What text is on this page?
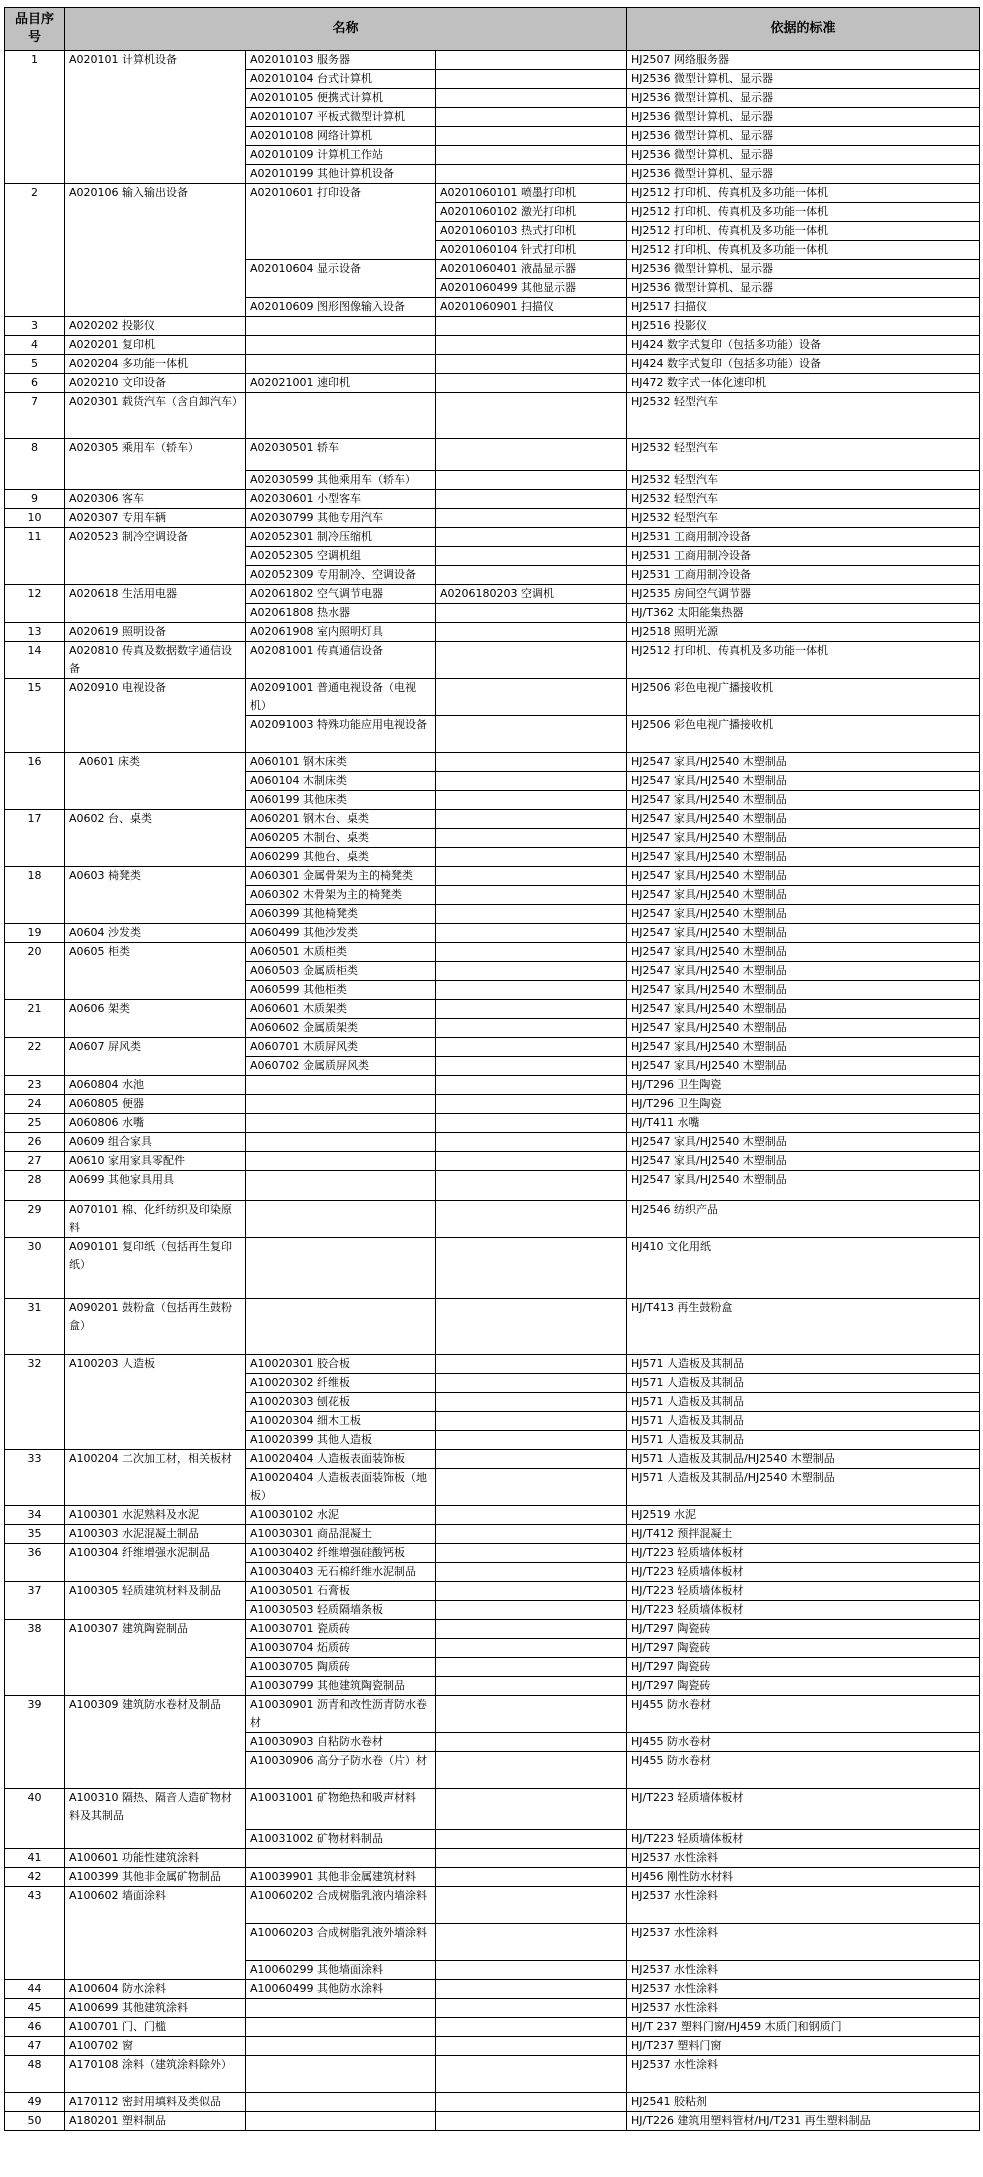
品目序号	名称			依据的标准
1	A020101 计算机设备	A02010103 服务器		HJ2507 网络服务器
		A02010104 台式计算机		HJ2536 微型计算机、显示器
		A02010105 便携式计算机		HJ2536 微型计算机、显示器
		A02010107 平板式微型计算机		HJ2536 微型计算机、显示器
		A02010108 网络计算机		HJ2536 微型计算机、显示器
		A02010109 计算机工作站		HJ2536 微型计算机、显示器
		A02010199 其他计算机设备		HJ2536 微型计算机、显示器
2	A020106 输入输出设备	A02010601 打印设备	A0201060101 喷墨打印机	HJ2512 打印机、传真机及多功能一体机
			A0201060102 激光打印机	HJ2512 打印机、传真机及多功能一体机
			A0201060103 热式打印机	HJ2512 打印机、传真机及多功能一体机
			A0201060104 针式打印机	HJ2512 打印机、传真机及多功能一体机
		A02010604 显示设备	A0201060401 液晶显示器	HJ2536 微型计算机、显示器
			A0201060499 其他显示器	HJ2536 微型计算机、显示器
		A02010609 图形图像输入设备	A0201060901 扫描仪	HJ2517 扫描仪
3	A020202 投影仪			HJ2516 投影仪
4	A020201 复印机			HJ424 数字式复印（包括多功能）设备
5	A020204 多功能一体机			HJ424 数字式复印（包括多功能）设备
6	A020210 文印设备	A02021001 速印机		HJ472 数字式一体化速印机
7	A020301 载货汽车（含自卸汽车）			HJ2532 轻型汽车
8	A020305 乘用车（轿车）	A02030501 轿车		HJ2532 轻型汽车
		A02030599 其他乘用车（轿车）		HJ2532 轻型汽车
9	A020306 客车	A02030601 小型客车		HJ2532 轻型汽车
10	A020307 专用车辆	A02030799 其他专用汽车		HJ2532 轻型汽车
11	A020523 制冷空调设备	A02052301 制冷压缩机		HJ2531 工商用制冷设备
		A02052305 空调机组		HJ2531 工商用制冷设备
		A02052309 专用制冷、空调设备		HJ2531 工商用制冷设备
12	A020618 生活用电器	A02061802 空气调节电器	A0206180203 空调机	HJ2535 房间空气调节器
		A02061808 热水器		HJ/T362 太阳能集热器
13	A020619 照明设备	A02061908 室内照明灯具		HJ2518 照明光源
14	A020810 传真及数据数字通信设备	A02081001 传真通信设备		HJ2512 打印机、传真机及多功能一体机
15	A020910 电视设备	A02091001 普通电视设备（电视机）		HJ2506 彩色电视广播接收机
		A02091003 特殊功能应用电视设备		HJ2506 彩色电视广播接收机
16	A0601 床类	A060101 钢木床类		HJ2547 家具/HJ2540 木塑制品
		A060104 木制床类		HJ2547 家具/HJ2540 木塑制品
		A060199 其他床类		HJ2547 家具/HJ2540 木塑制品
17	A0602 台、桌类	A060201 钢木台、桌类		HJ2547 家具/HJ2540 木塑制品
		A060205 木制台、桌类		HJ2547 家具/HJ2540 木塑制品
		A060299 其他台、桌类		HJ2547 家具/HJ2540 木塑制品
18	A0603 椅凳类	A060301 金属骨架为主的椅凳类		HJ2547 家具/HJ2540 木塑制品
		A060302 木骨架为主的椅凳类		HJ2547 家具/HJ2540 木塑制品
		A060399 其他椅凳类		HJ2547 家具/HJ2540 木塑制品
19	A0604 沙发类	A060499 其他沙发类		HJ2547 家具/HJ2540 木塑制品
20	A0605 柜类	A060501 木质柜类		HJ2547 家具/HJ2540 木塑制品
		A060503 金属质柜类		HJ2547 家具/HJ2540 木塑制品
		A060599 其他柜类		HJ2547 家具/HJ2540 木塑制品
21	A0606 架类	A060601 木质架类		HJ2547 家具/HJ2540 木塑制品
		A060602 金属质架类		HJ2547 家具/HJ2540 木塑制品
22	A0607 屏风类	A060701 木质屏风类		HJ2547 家具/HJ2540 木塑制品
		A060702 金属质屏风类		HJ2547 家具/HJ2540 木塑制品
23	A060804 水池			HJ/T296 卫生陶瓷
24	A060805 便器			HJ/T296 卫生陶瓷
25	A060806 水嘴			HJ/T411 水嘴
26	A0609 组合家具			HJ2547 家具/HJ2540 木塑制品
27	A0610 家用家具零配件			HJ2547 家具/HJ2540 木塑制品
28	A0699 其他家具用具			HJ2547 家具/HJ2540 木塑制品
29	A070101 棉、化纤纺织及印染原料			HJ2546 纺织产品
30	A090101 复印纸（包括再生复印纸）			HJ410 文化用纸
31	A090201 鼓粉盒（包括再生鼓粉盒）			HJ/T413 再生鼓粉盒
32	A100203 人造板	A10020301 胶合板		HJ571 人造板及其制品
		A10020302 纤维板		HJ571 人造板及其制品
		A10020303 刨花板		HJ571 人造板及其制品
		A10020304 细木工板		HJ571 人造板及其制品
		A10020399 其他人造板		HJ571 人造板及其制品
33	A100204 二次加工材，相关板材	A10020404 人造板表面装饰板		HJ571 人造板及其制品/HJ2540 木塑制品
		A10020404 人造板表面装饰板（地板）		HJ571 人造板及其制品/HJ2540 木塑制品
34	A100301 水泥熟料及水泥	A10030102 水泥		HJ2519 水泥
35	A100303 水泥混凝土制品	A10030301 商品混凝土		HJ/T412 预拌混凝土
36	A100304 纤维增强水泥制品	A10030402 纤维增强硅酸钙板		HJ/T223 轻质墙体板材
		A10030403 无石棉纤维水泥制品		HJ/T223 轻质墙体板材
37	A100305 轻质建筑材料及制品	A10030501 石膏板		HJ/T223 轻质墙体板材
		A10030503 轻质隔墙条板		HJ/T223 轻质墙体板材
38	A100307 建筑陶瓷制品	A10030701 瓷质砖		HJ/T297 陶瓷砖
		A10030704 炻质砖		HJ/T297 陶瓷砖
		A10030705 陶质砖		HJ/T297 陶瓷砖
		A10030799 其他建筑陶瓷制品		HJ/T297 陶瓷砖
39	A100309 建筑防水卷材及制品	A10030901 沥青和改性沥青防水卷材		HJ455 防水卷材
		A10030903 自粘防水卷材		HJ455 防水卷材
		A10030906 高分子防水卷（片）材		HJ455 防水卷材
40	A100310 隔热、隔音人造矿物材料及其制品	A10031001 矿物绝热和吸声材料		HJ/T223 轻质墙体板材
		A10031002 矿物材料制品		HJ/T223 轻质墙体板材
41	A100601 功能性建筑涂料			HJ2537 水性涂料
42	A100399 其他非金属矿物制品	A10039901 其他非金属建筑材料		HJ456 刚性防水材料
43	A100602 墙面涂料	A10060202 合成树脂乳液内墙涂料		HJ2537 水性涂料
		A10060203 合成树脂乳液外墙涂料		HJ2537 水性涂料
		A10060299 其他墙面涂料		HJ2537 水性涂料
44	A100604 防水涂料	A10060499 其他防水涂料		HJ2537 水性涂料
45	A100699 其他建筑涂料			HJ2537 水性涂料
46	A100701 门、门槛			HJ/T 237 塑料门窗/HJ459 木质门和钢质门
47	A100702 窗			HJ/T237 塑料门窗
48	A170108 涂料（建筑涂料除外）			HJ2537 水性涂料
49	A170112 密封用填料及类似品			HJ2541 胶粘剂
50	A180201 塑料制品			HJ/T226 建筑用塑料管材/HJ/T231 再生塑料制品
